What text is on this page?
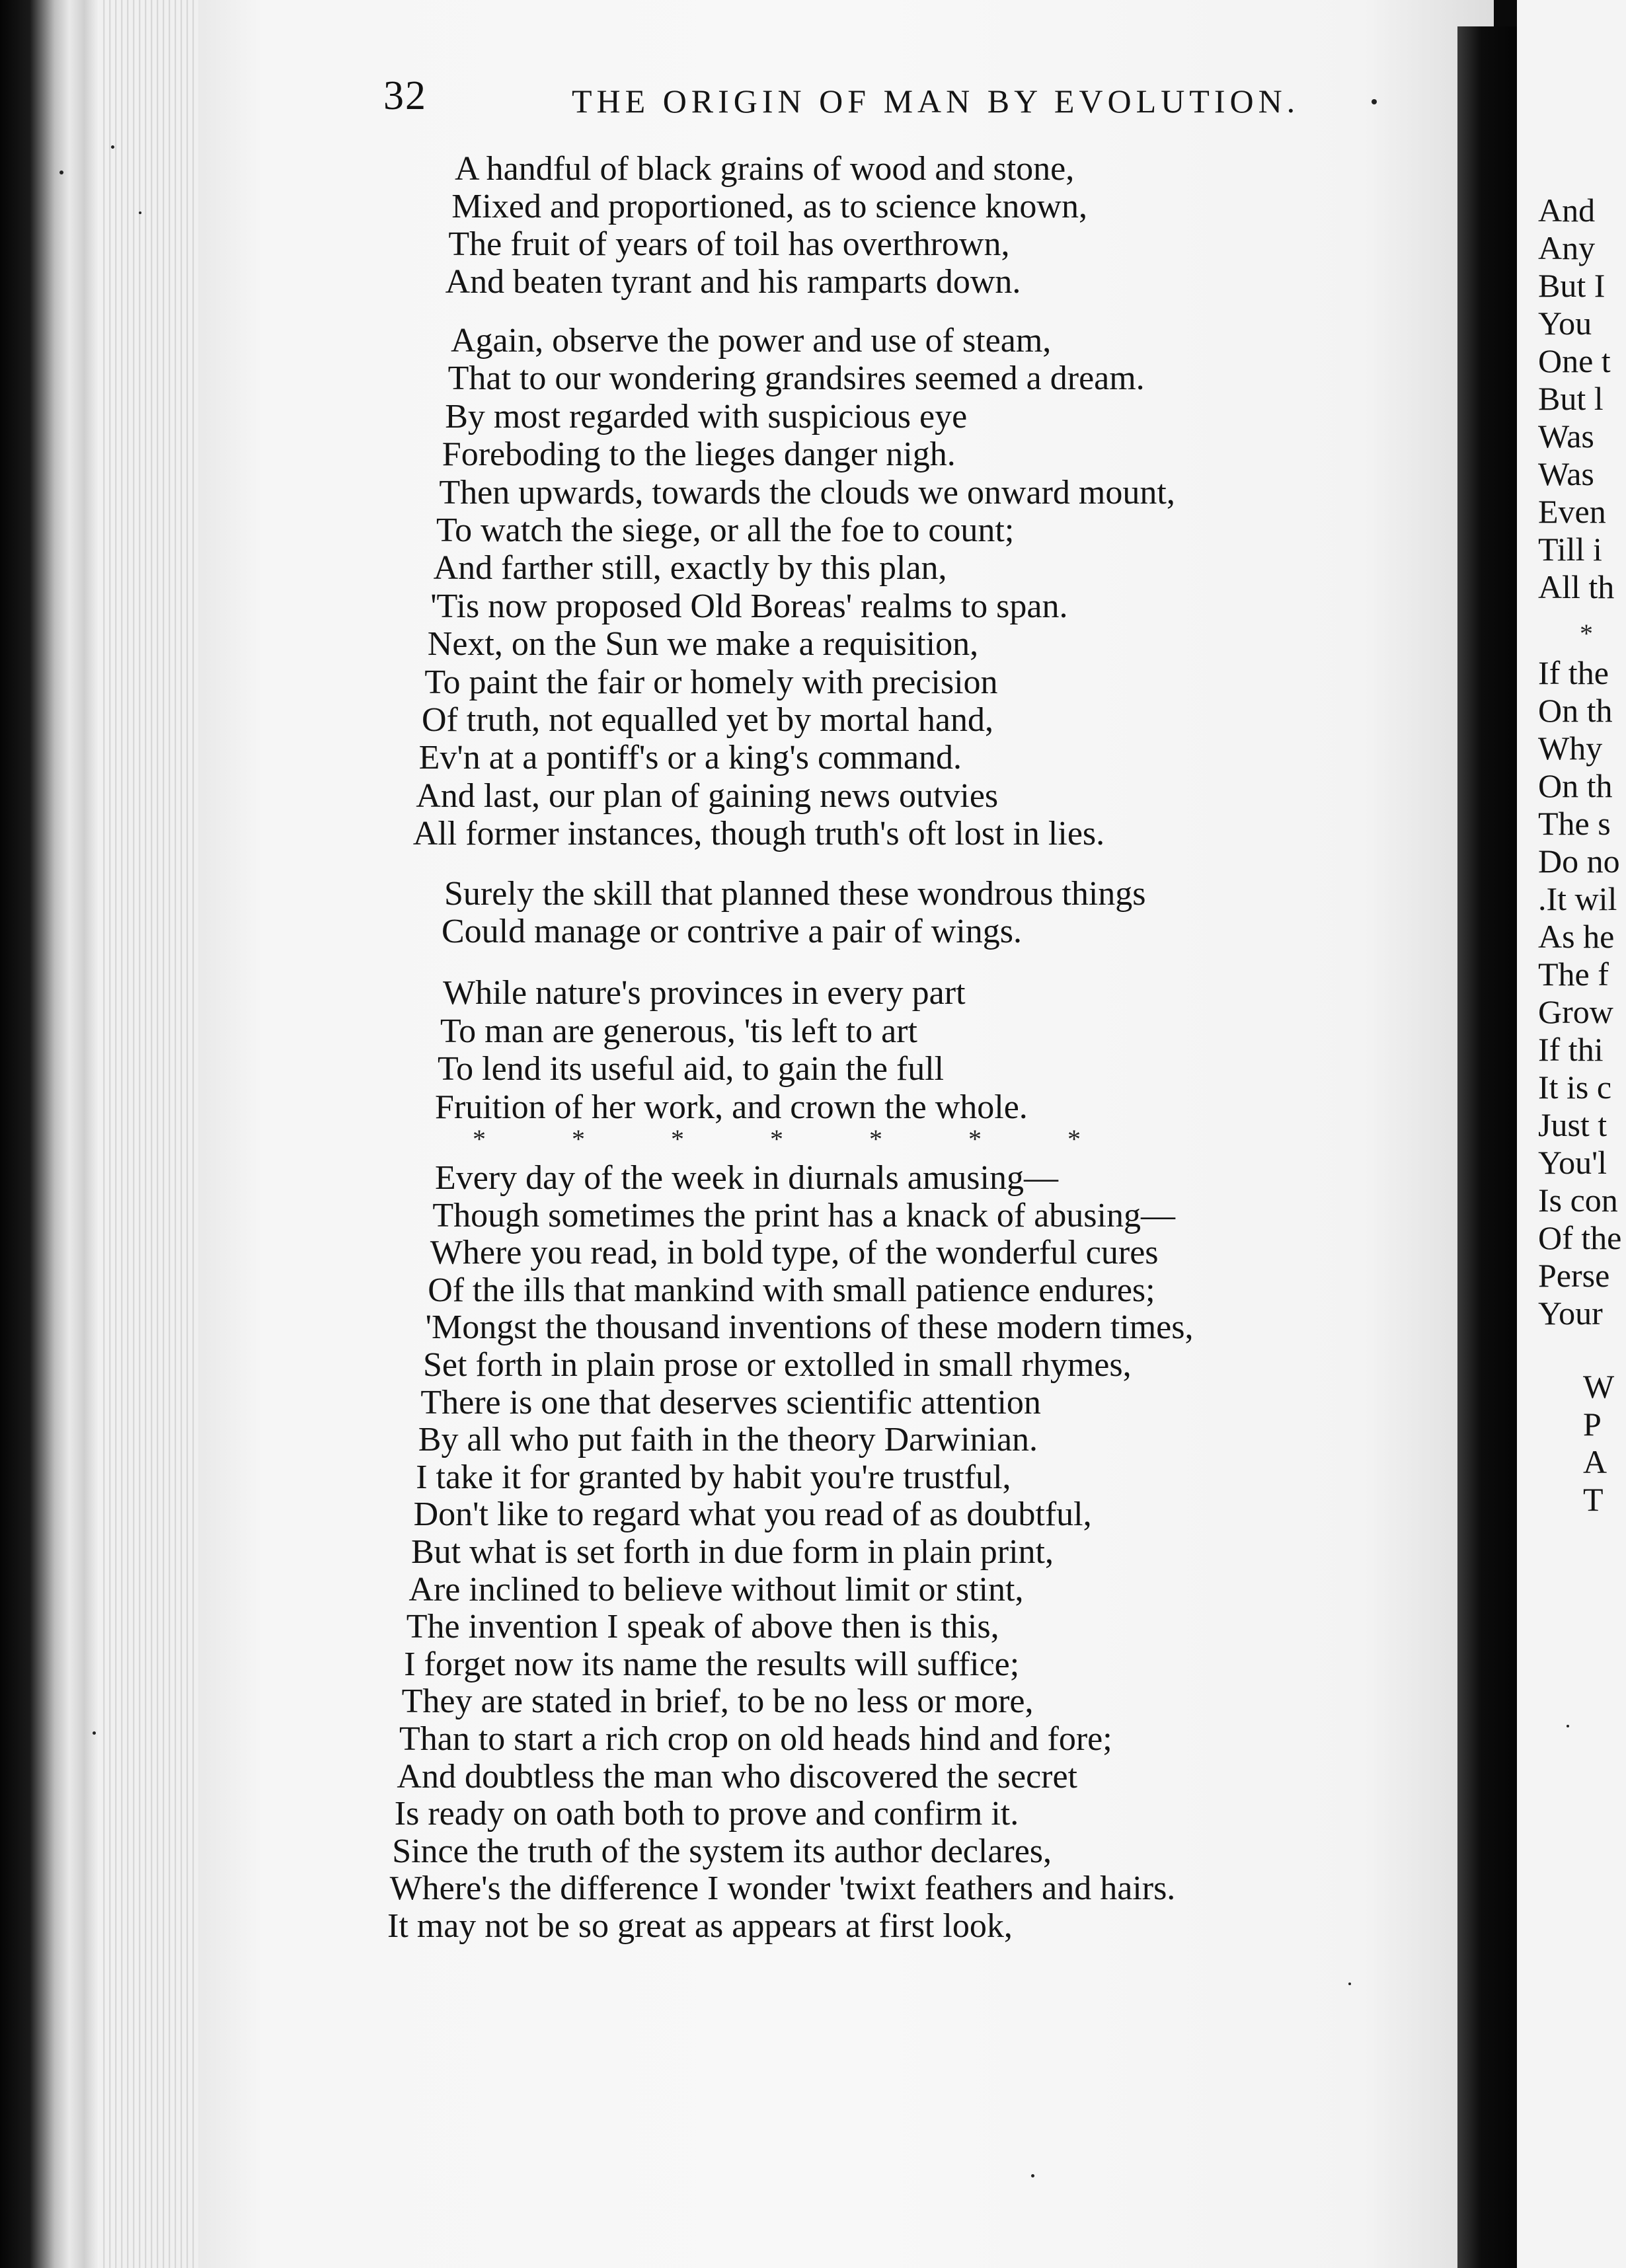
32	THE ORIGIN OF MAN BY EVOLUTION.
A handful of black grains of wood and stone,
Mixed and proportioned, as to science known,
The fruit of years of toil has overthrown,
And beaten tyrant and his ramparts down.
Again, observe the power and use of steam,
That to our wondering grandsires seemed a dream.
By most regarded with suspicious eye
Foreboding to the lieges danger nigh.
Then upwards, towards the clouds we onward mount,
To watch the siege, or all the foe to count;
And farther still, exactly by this plan,
'Tis now proposed Old Boreas' realms to span.
Next, on the Sun we make a requisition,
To paint the fair or homely with precision
Of truth, not equalled yet by mortal hand,
Ev'n at a pontiff's or a king's command.
And last, our plan of gaining news outvies
All former instances, though truth's oft lost in lies.
Surely the skill that planned these wondrous things
Could manage or contrive a pair of wings.
While nature's provinces in every part
To man are generous, 'tis left to art
To lend its useful aid, to gain the full
Fruition of her work, and crown the whole.
Every day of the week in diurnals amusing—
Though sometimes the print has a knack of abusing—
Where you read, in bold type, of the wonderful cures
Of the ills that mankind with small patience endures;
'Mongst the thousand inventions of these modern times,
Set forth in plain prose or extolled in small rhymes,
There is one that deserves scientific attention
By all who put faith in the theory Darwinian.
I take it for granted by habit you're trustful,
Don't like to regard what you read of as doubtful,
But what is set forth in due form in plain print,
Are inclined to believe without limit or stint,
The invention I speak of above then is this,
I forget now its name the results will suffice;
They are stated in brief, to be no less or more,
Than to start a rich crop on old heads hind and fore;
And doubtless the man who discovered the secret
Is ready on oath both to prove and confirm it.
Since the truth of the system its author declares,
Where's the difference I wonder 'twixt feathers and hairs.
It may not be so great as appears at first look,
*         *         *         *         *         *         *
And
Any
But I
You
One t
But l
Was
Was
Even
Till i
All th
*
If the
On th
Why
On th
The s
Do no
.It wil
As he
The f
Grow
If thi
It is c
Just t
You'l
Is con
Of the
Perse
Your
W
P
A
T
